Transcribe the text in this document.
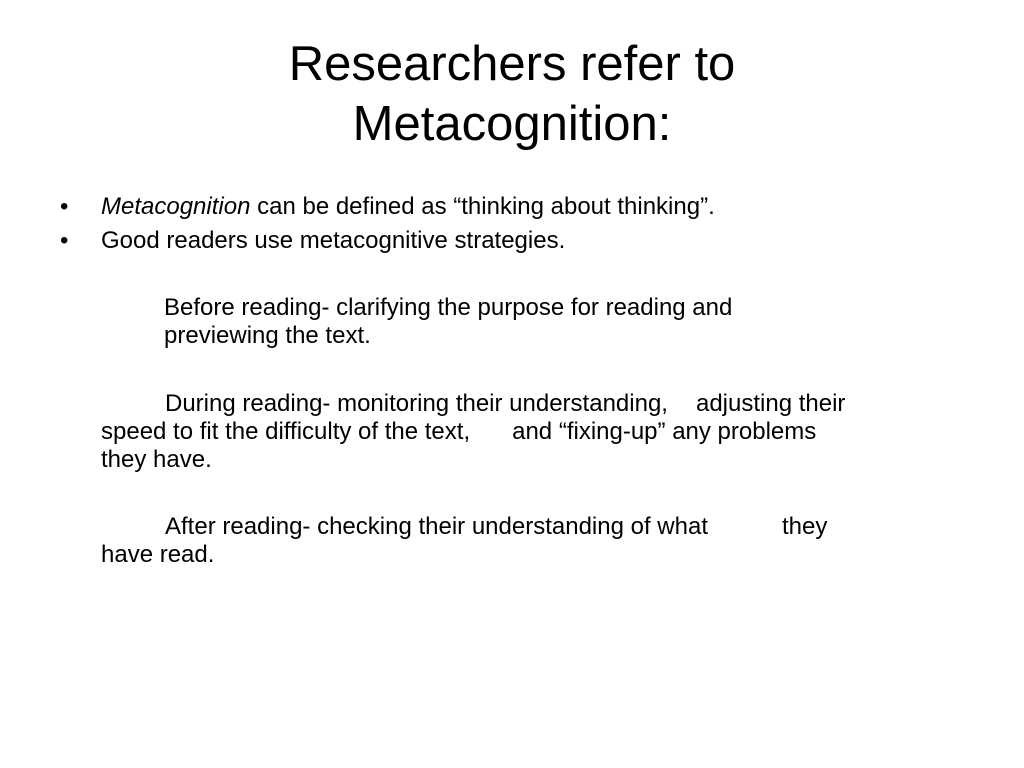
Researchers refer to
Metacognition:
•	Metacognition can be defined as “thinking about thinking”.
•	Good readers use metacognitive strategies.
Before reading- clarifying the purpose for reading and
previewing the text.
During reading- monitoring their understanding, adjusting their
speed to fit the difficulty of the text, and “fixing-up” any problems
they have.
After reading- checking their understanding of what	they
have read.
